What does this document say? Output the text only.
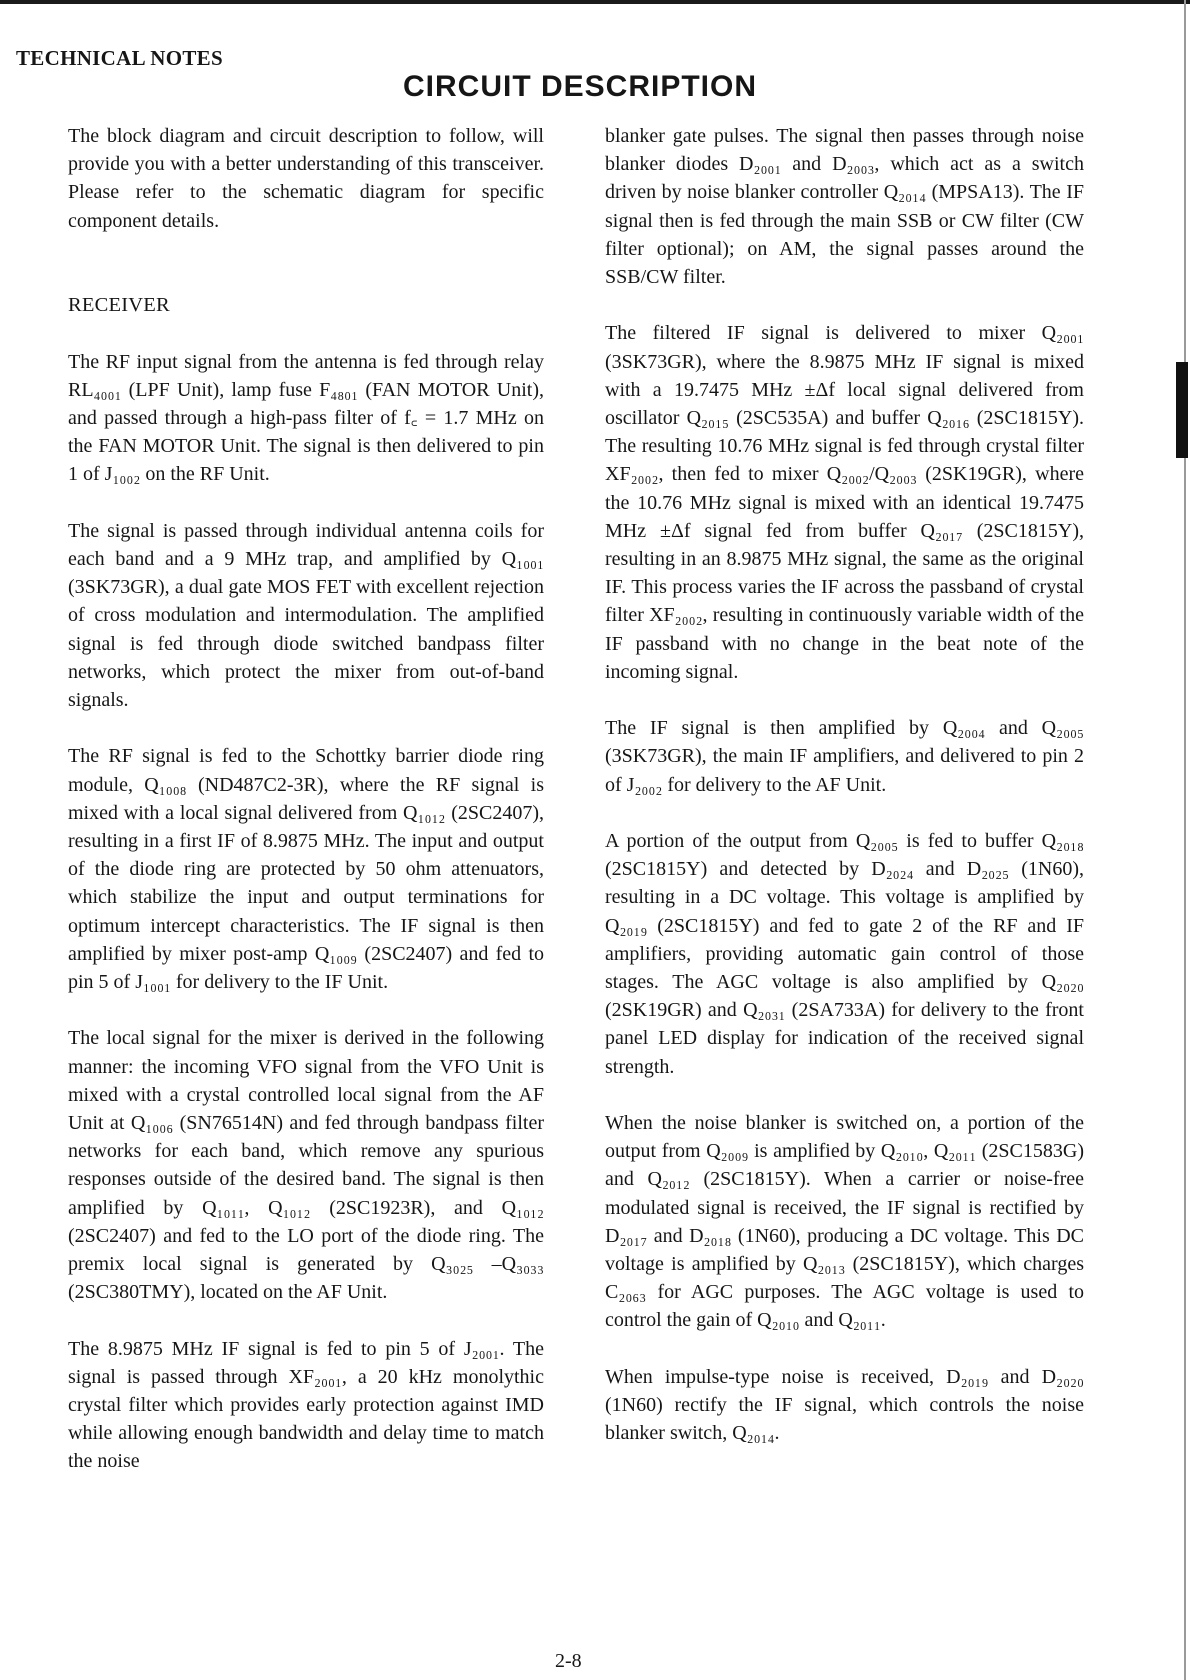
TECHNICAL NOTES
CIRCUIT DESCRIPTION

The block diagram and circuit description to follow, will provide you with a better understanding of this transceiver. Please refer to the schematic diagram for specific component details.

RECEIVER

The RF input signal from the antenna is fed through relay RL₄₀₀₁ (LPF Unit), lamp fuse F₄₈₀₁ (FAN MOTOR Unit), and passed through a high-pass filter of f꜀ = 1.7 MHz on the FAN MOTOR Unit. The signal is then delivered to pin 1 of J₁₀₀₂ on the RF Unit.

The signal is passed through individual antenna coils for each band and a 9 MHz trap, and amplified by Q₁₀₀₁ (3SK73GR), a dual gate MOS FET with excellent rejection of cross modulation and intermodulation. The amplified signal is fed through diode switched bandpass filter networks, which protect the mixer from out-of-band signals.

The RF signal is fed to the Schottky barrier diode ring module, Q₁₀₀₈ (ND487C2-3R), where the RF signal is mixed with a local signal delivered from Q₁₀₁₂ (2SC2407), resulting in a first IF of 8.9875 MHz. The input and output of the diode ring are protected by 50 ohm attenuators, which stabilize the input and output terminations for optimum intercept characteristics. The IF signal is then amplified by mixer post-amp Q₁₀₀₉ (2SC2407) and fed to pin 5 of J₁₀₀₁ for delivery to the IF Unit.

The local signal for the mixer is derived in the following manner: the incoming VFO signal from the VFO Unit is mixed with a crystal controlled local signal from the AF Unit at Q₁₀₀₆ (SN76514N) and fed through bandpass filter networks for each band, which remove any spurious responses outside of the desired band. The signal is then amplified by Q₁₀₁₁, Q₁₀₁₂ (2SC1923R), and Q₁₀₁₂ (2SC2407) and fed to the LO port of the diode ring. The premix local signal is generated by Q₃₀₂₅ –Q₃₀₃₃ (2SC380TMY), located on the AF Unit.

The 8.9875 MHz IF signal is fed to pin 5 of J₂₀₀₁. The signal is passed through XF₂₀₀₁, a 20 kHz monolythic crystal filter which provides early protection against IMD while allowing enough bandwidth and delay time to match the noise

blanker gate pulses. The signal then passes through noise blanker diodes D₂₀₀₁ and D₂₀₀₃, which act as a switch driven by noise blanker controller Q₂₀₁₄ (MPSA13). The IF signal then is fed through the main SSB or CW filter (CW filter optional); on AM, the signal passes around the SSB/CW filter.

The filtered IF signal is delivered to mixer Q₂₀₀₁ (3SK73GR), where the 8.9875 MHz IF signal is mixed with a 19.7475 MHz ±Δf local signal delivered from oscillator Q₂₀₁₅ (2SC535A) and buffer Q₂₀₁₆ (2SC1815Y). The resulting 10.76 MHz signal is fed through crystal filter XF₂₀₀₂, then fed to mixer Q₂₀₀₂/Q₂₀₀₃ (2SK19GR), where the 10.76 MHz signal is mixed with an identical 19.7475 MHz ±Δf signal fed from buffer Q₂₀₁₇ (2SC1815Y), resulting in an 8.9875 MHz signal, the same as the original IF. This process varies the IF across the passband of crystal filter XF₂₀₀₂, resulting in continuously variable width of the IF passband with no change in the beat note of the incoming signal.

The IF signal is then amplified by Q₂₀₀₄ and Q₂₀₀₅ (3SK73GR), the main IF amplifiers, and delivered to pin 2 of J₂₀₀₂ for delivery to the AF Unit.

A portion of the output from Q₂₀₀₅ is fed to buffer Q₂₀₁₈ (2SC1815Y) and detected by D₂₀₂₄ and D₂₀₂₅ (1N60), resulting in a DC voltage. This voltage is amplified by Q₂₀₁₉ (2SC1815Y) and fed to gate 2 of the RF and IF amplifiers, providing automatic gain control of those stages. The AGC voltage is also amplified by Q₂₀₂₀ (2SK19GR) and Q₂₀₃₁ (2SA733A) for delivery to the front panel LED display for indication of the received signal strength.

When the noise blanker is switched on, a portion of the output from Q₂₀₀₉ is amplified by Q₂₀₁₀, Q₂₀₁₁ (2SC1583G) and Q₂₀₁₂ (2SC1815Y). When a carrier or noise-free modulated signal is received, the IF signal is rectified by D₂₀₁₇ and D₂₀₁₈ (1N60), producing a DC voltage. This DC voltage is amplified by Q₂₀₁₃ (2SC1815Y), which charges C₂₀₆₃ for AGC purposes. The AGC voltage is used to control the gain of Q₂₀₁₀ and Q₂₀₁₁.

When impulse-type noise is received, D₂₀₁₉ and D₂₀₂₀ (1N60) rectify the IF signal, which controls the noise blanker switch, Q₂₀₁₄.

2-8
